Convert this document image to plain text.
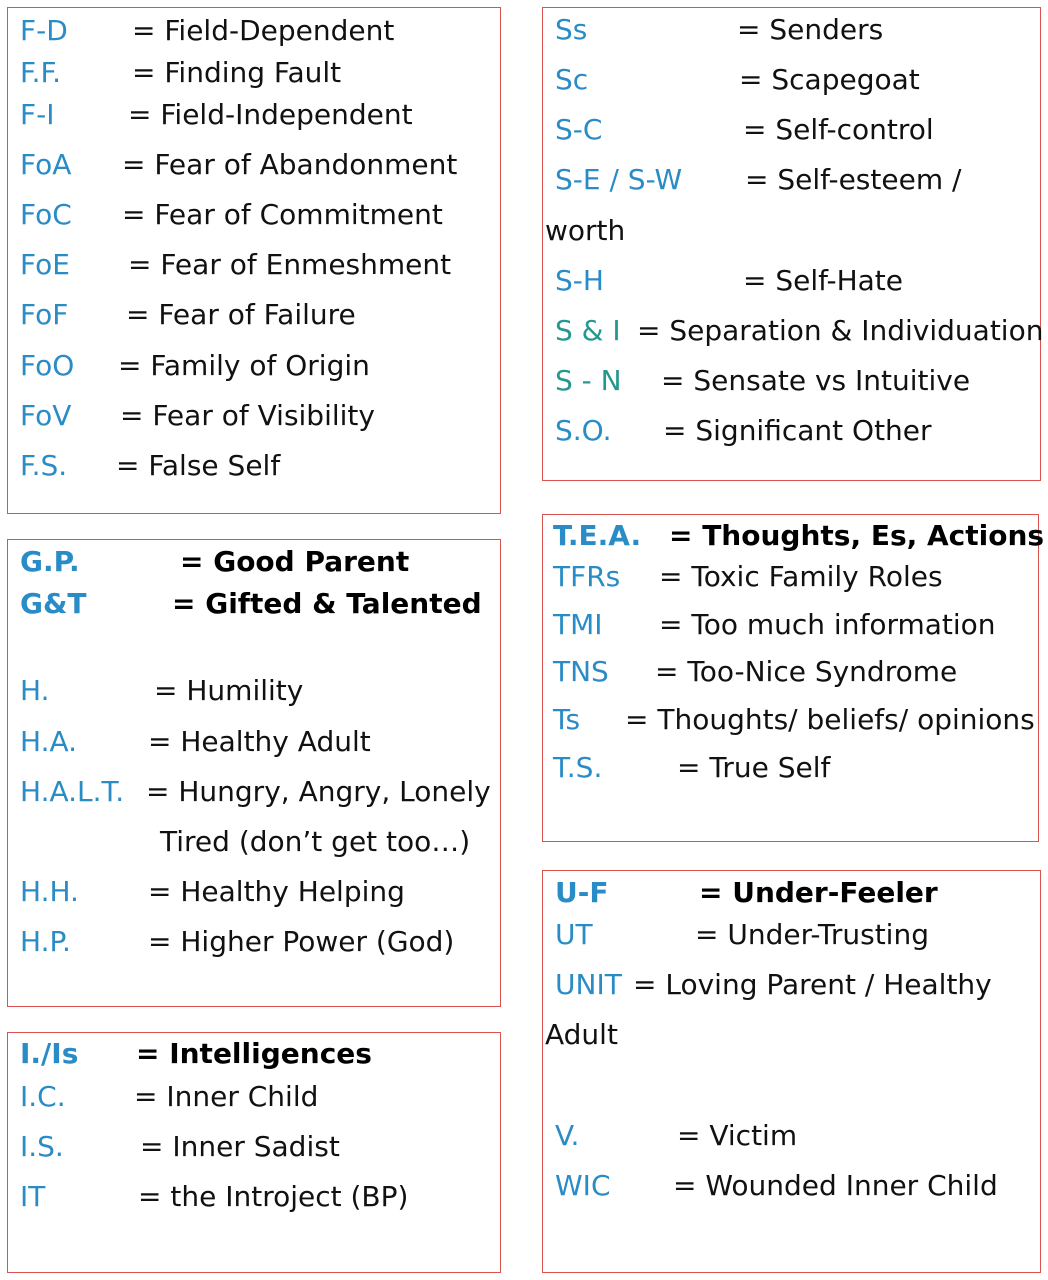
F-D = Field-Dependent
F.F.	= Finding Fault
F-I	= Field-Independent
FoA = Fear of Abandonment
FoC = Fear of Commitment
FoE = Fear of Enmeshment
FoF = Fear of Failure
FoO = Family of Origin
FoV = Fear of Visibility
F.S. = False Self
G.P.	= Good Parent
G&T	= Gifted & Talented
H.	= Humility
H.A.	= Healthy Adult
H.A.L.T. = Hungry, Angry, Lonely
Tired (don’t get too…)
H.H. = Healthy Helping
H.P.	= Higher Power (God)
I./Is = Intelligences
I.C. = Inner Child
I.S.	= Inner Sadist
IT	= the Introject (BP)
Ss	= Senders
Sc	= Scapegoat
S-C	= Self-control
S-E / S-W = Self-esteem /
worth
S-H	= Self-Hate
S & I = Separation & Individuation
S - N = Sensate vs Intuitive
S.O. = Significant Other
T.E.A. = Thoughts, Es, Actions
TFRs = Toxic Family Roles
TMI = Too much information
TNS = Too-Nice Syndrome
Ts = Thoughts/ beliefs/ opinions
T.S.	= True Self
U-F	= Under-Feeler
UT	= Under-Trusting
UNIT = Loving Parent / Healthy
Adult
V.	= Victim
WIC = Wounded Inner Child
